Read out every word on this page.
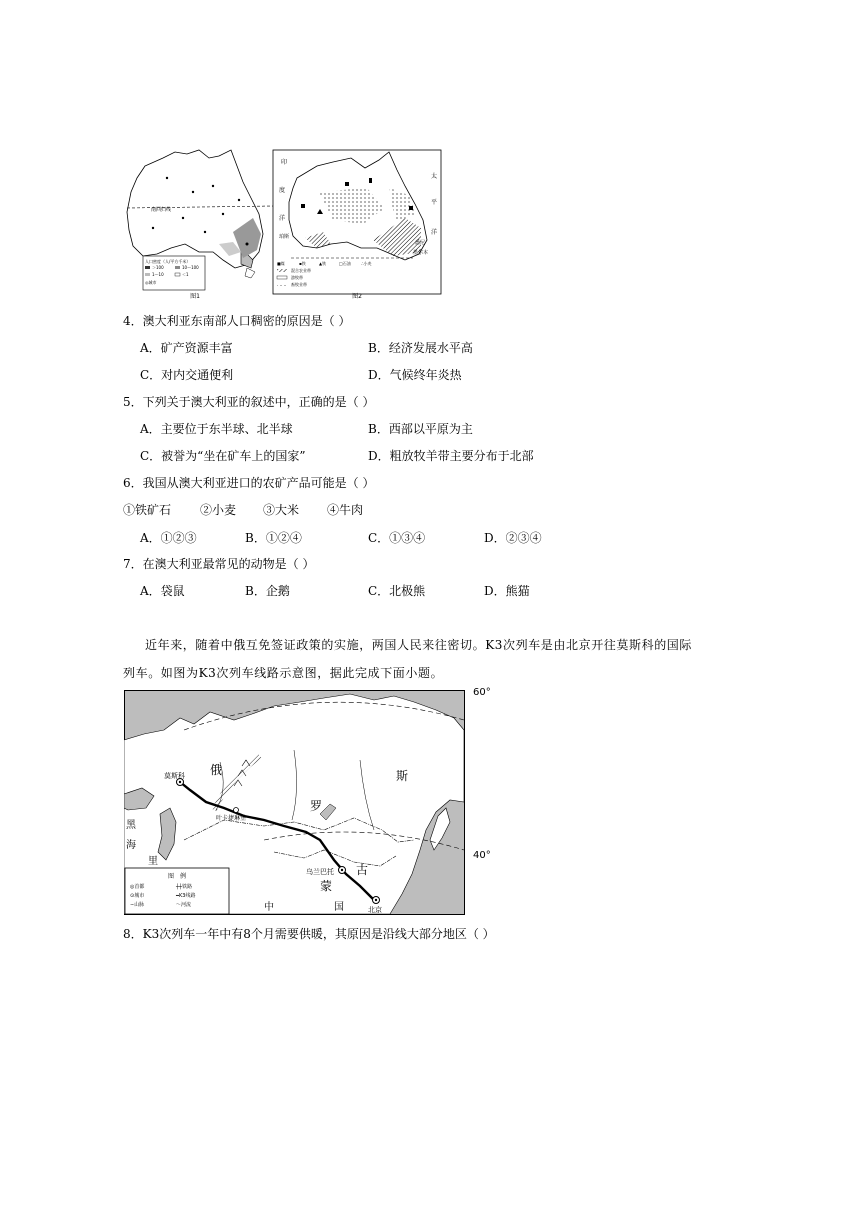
图1
南回归线
人口密度（人/平方千米）
＞100	10～100
1～10	＜1
◎城市
印
度
洋
太
平
洋
珀斯
悉尼
墨尔本
■煤	▪铁	▲铁	□石油	∴小麦
混合农业带
游牧带
畜牧业带
图2
4．澳大利亚东南部人口稠密的原因是（ ）
A．矿产资源丰富	B．经济发展水平高
C．对内交通便利	D．气候终年炎热
5．下列关于澳大利亚的叙述中，正确的是（ ）
A．主要位于东半球、北半球	B．西部以平原为主
C．被誉为“坐在矿车上的国家”	D．粗放牧羊带主要分布于北部
6．我国从澳大利亚进口的农矿产品可能是（ ）
①铁矿石 ②小麦 ③大米 ④牛肉
A．①②③	B．①②④	C．①③④	D．②③④
7．在澳大利亚最常见的动物是（ ）
A．袋鼠	B．企鹅	C．北极熊	D．熊猫
近年来，随着中俄互免签证政策的实施，两国人民来往密切。K3次列车是由北京开往莫斯科的国际
列车。如图为K3次列车线路示意图，据此完成下面小题。
莫斯科
叶卡捷琳堡
乌兰巴托
北京
俄
罗
斯
蒙
古
中	国
黑
海
里
图　例
◎首都
⊙城市
∽山脉
┼┼铁路
━K3线路
～河流
60°
40°
8．K3次列车一年中有8个月需要供暖，其原因是沿线大部分地区（ ）
